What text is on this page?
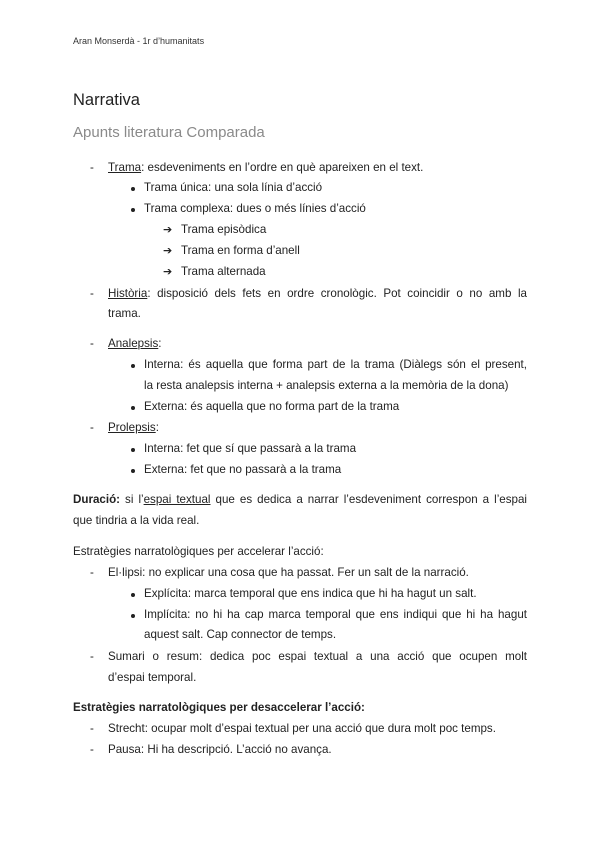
Aran Monserdà - 1r d’humanitats
Narrativa
Apunts literatura Comparada
- Trama: esdeveniments en l’ordre en què apareixen en el text.
Trama única: una sola línia d’acció
Trama complexa: dues o més línies d’acció
➔ Trama episòdica
➔ Trama en forma d’anell
➔ Trama alternada
- Història: disposició dels fets en ordre cronològic. Pot coincidir o no amb la
trama.
- Analepsis:
Interna: és aquella que forma part de la trama (Diàlegs són el present,
la resta analepsis interna + analepsis externa a la memòria de la dona)
Externa: és aquella que no forma part de la trama
- Prolepsis:
Interna: fet que sí que passarà a la trama
Externa: fet que no passarà a la trama
Duració: si l’espai textual que es dedica a narrar l’esdeveniment correspon a l’espai
que tindria a la vida real.
Estratègies narratològiques per accelerar l’acció:
- El·lipsi: no explicar una cosa que ha passat. Fer un salt de la narració.
Explícita: marca temporal que ens indica que hi ha hagut un salt.
Implícita: no hi ha cap marca temporal que ens indiqui que hi ha hagut
aquest salt. Cap connector de temps.
- Sumari o resum: dedica poc espai textual a una acció que ocupen molt
d’espai temporal.
Estratègies narratològiques per desaccelerar l’acció:
- Strecht: ocupar molt d’espai textual per una acció que dura molt poc temps.
- Pausa: Hi ha descripció. L’acció no avança.
